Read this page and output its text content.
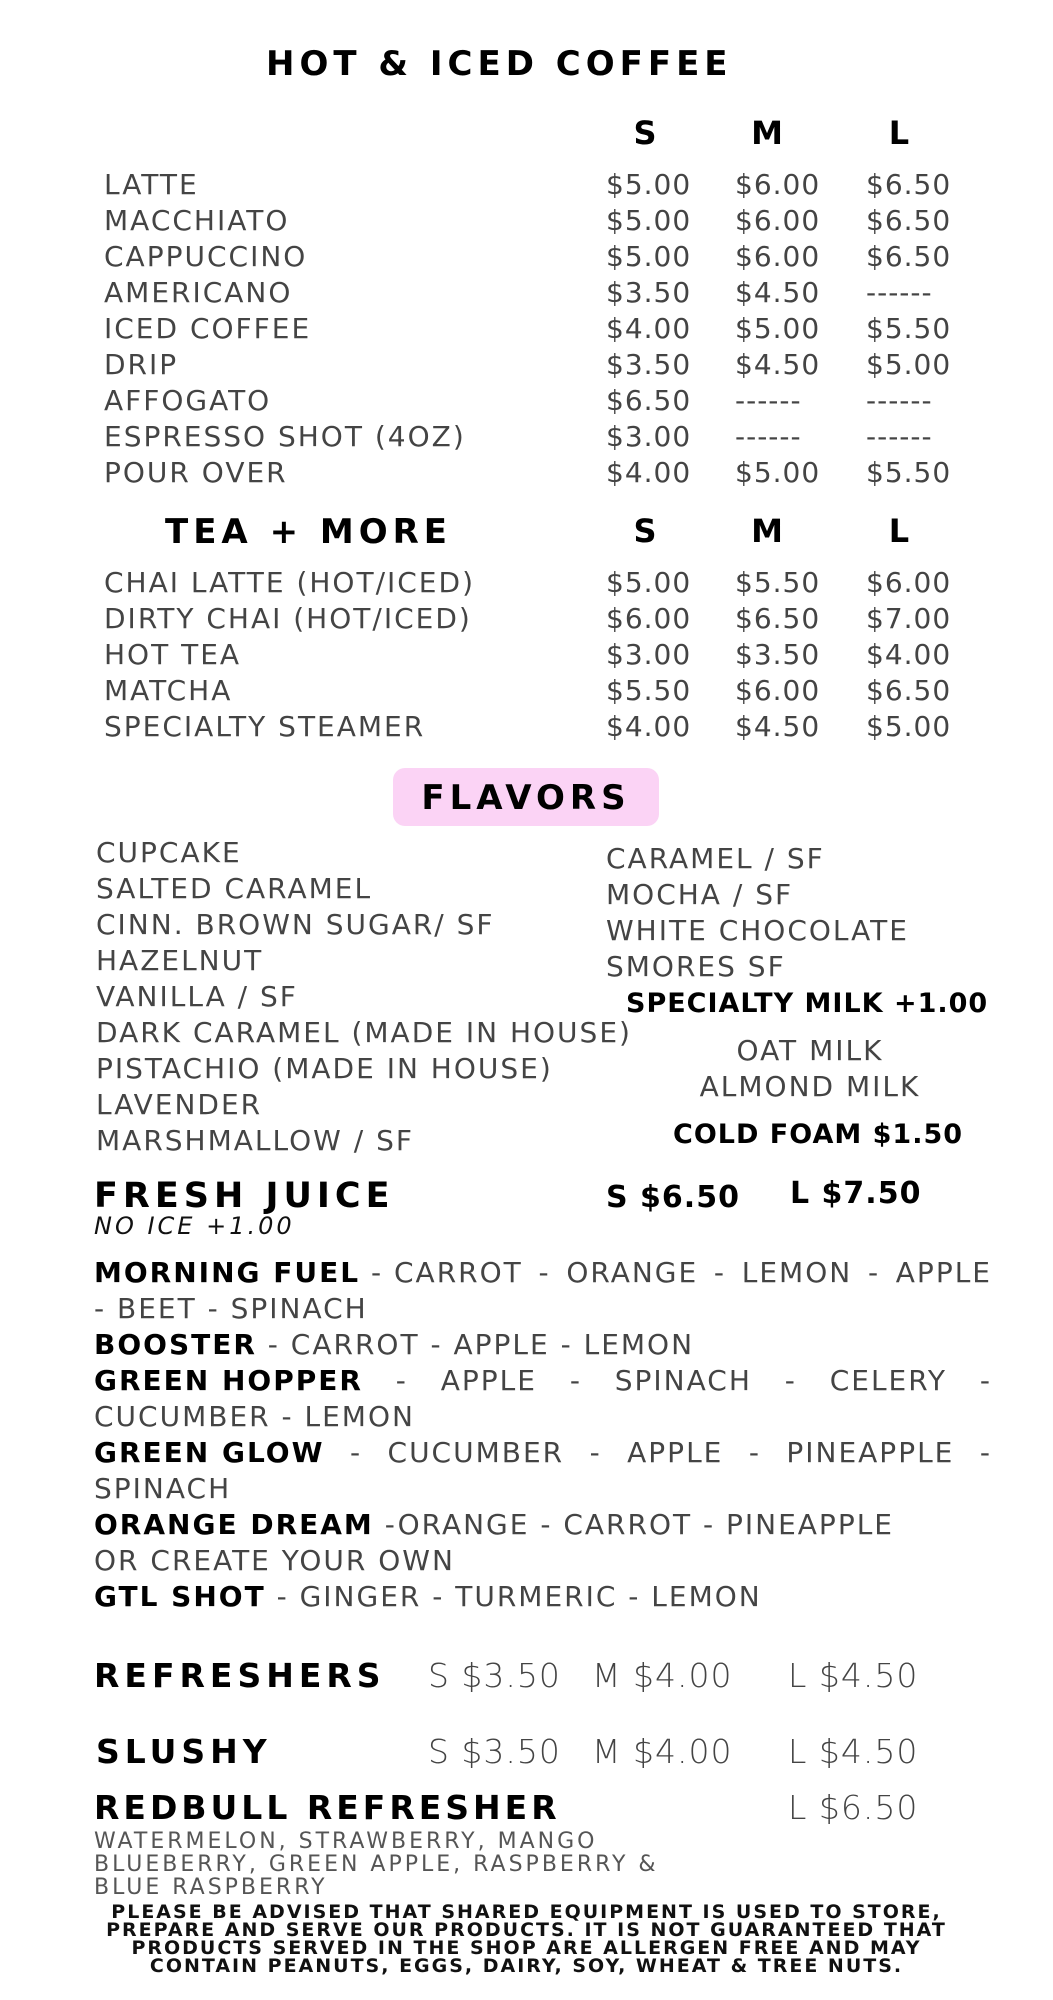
HOT & ICED COFFEE
S	M	L
LATTE	$5.00 $6.00 $6.50
MACCHIATO	$5.00 $6.00 $6.50
CAPPUCCINO	$5.00 $6.00 $6.50
AMERICANO	$3.50 $4.50 ------
ICED COFFEE	$4.00 $5.00 $5.50
DRIP	$3.50 $4.50 $5.00
AFFOGATO	$6.50 ------ ------
ESPRESSO SHOT (4OZ)	$3.00 ------ ------
POUR OVER	$4.00 $5.00 $5.50
TEA + MORE	S	M	L
CHAI LATTE (HOT/ICED)	$5.00 $5.50 $6.00
DIRTY CHAI (HOT/ICED)	$6.00 $6.50 $7.00
HOT TEA	$3.00 $3.50 $4.00
MATCHA	$5.50 $6.00 $6.50
SPECIALTY STEAMER	$4.00 $4.50 $5.00
FLAVORS
CUPCAKE
SALTED CARAMEL
CINN. BROWN SUGAR/ SF
HAZELNUT
VANILLA / SF
DARK CARAMEL (MADE IN HOUSE)
PISTACHIO (MADE IN HOUSE)
LAVENDER
MARSHMALLOW / SF
CARAMEL / SF
MOCHA / SF
WHITE CHOCOLATE
SMORES SF
SPECIALTY MILK +1.00
OAT MILK
ALMOND MILK
COLD FOAM $1.50
FRESH JUICE	S $6.50 L $7.50
NO ICE +1.00
MORNING FUEL - CARROT - ORANGE - LEMON - APPLE
- BEET - SPINACH
BOOSTER - CARROT - APPLE - LEMON
GREEN HOPPER - APPLE - SPINACH - CELERY -
CUCUMBER - LEMON
GREEN GLOW - CUCUMBER - APPLE - PINEAPPLE -
SPINACH
ORANGE DREAM -ORANGE - CARROT - PINEAPPLE
OR CREATE YOUR OWN
GTL SHOT - GINGER - TURMERIC - LEMON
REFRESHERS S $3.50 M $4.00 L $4.50
SLUSHY	S $3.50 M $4.00 L $4.50
REDBULL REFRESHER	L $6.50
WATERMELON, STRAWBERRY, MANGO
BLUEBERRY, GREEN APPLE, RASPBERRY &
BLUE RASPBERRY
PLEASE BE ADVISED THAT SHARED EQUIPMENT IS USED TO STORE,
PREPARE AND SERVE OUR PRODUCTS. IT IS NOT GUARANTEED THAT
PRODUCTS SERVED IN THE SHOP ARE ALLERGEN FREE AND MAY
CONTAIN PEANUTS, EGGS, DAIRY, SOY, WHEAT & TREE NUTS.
